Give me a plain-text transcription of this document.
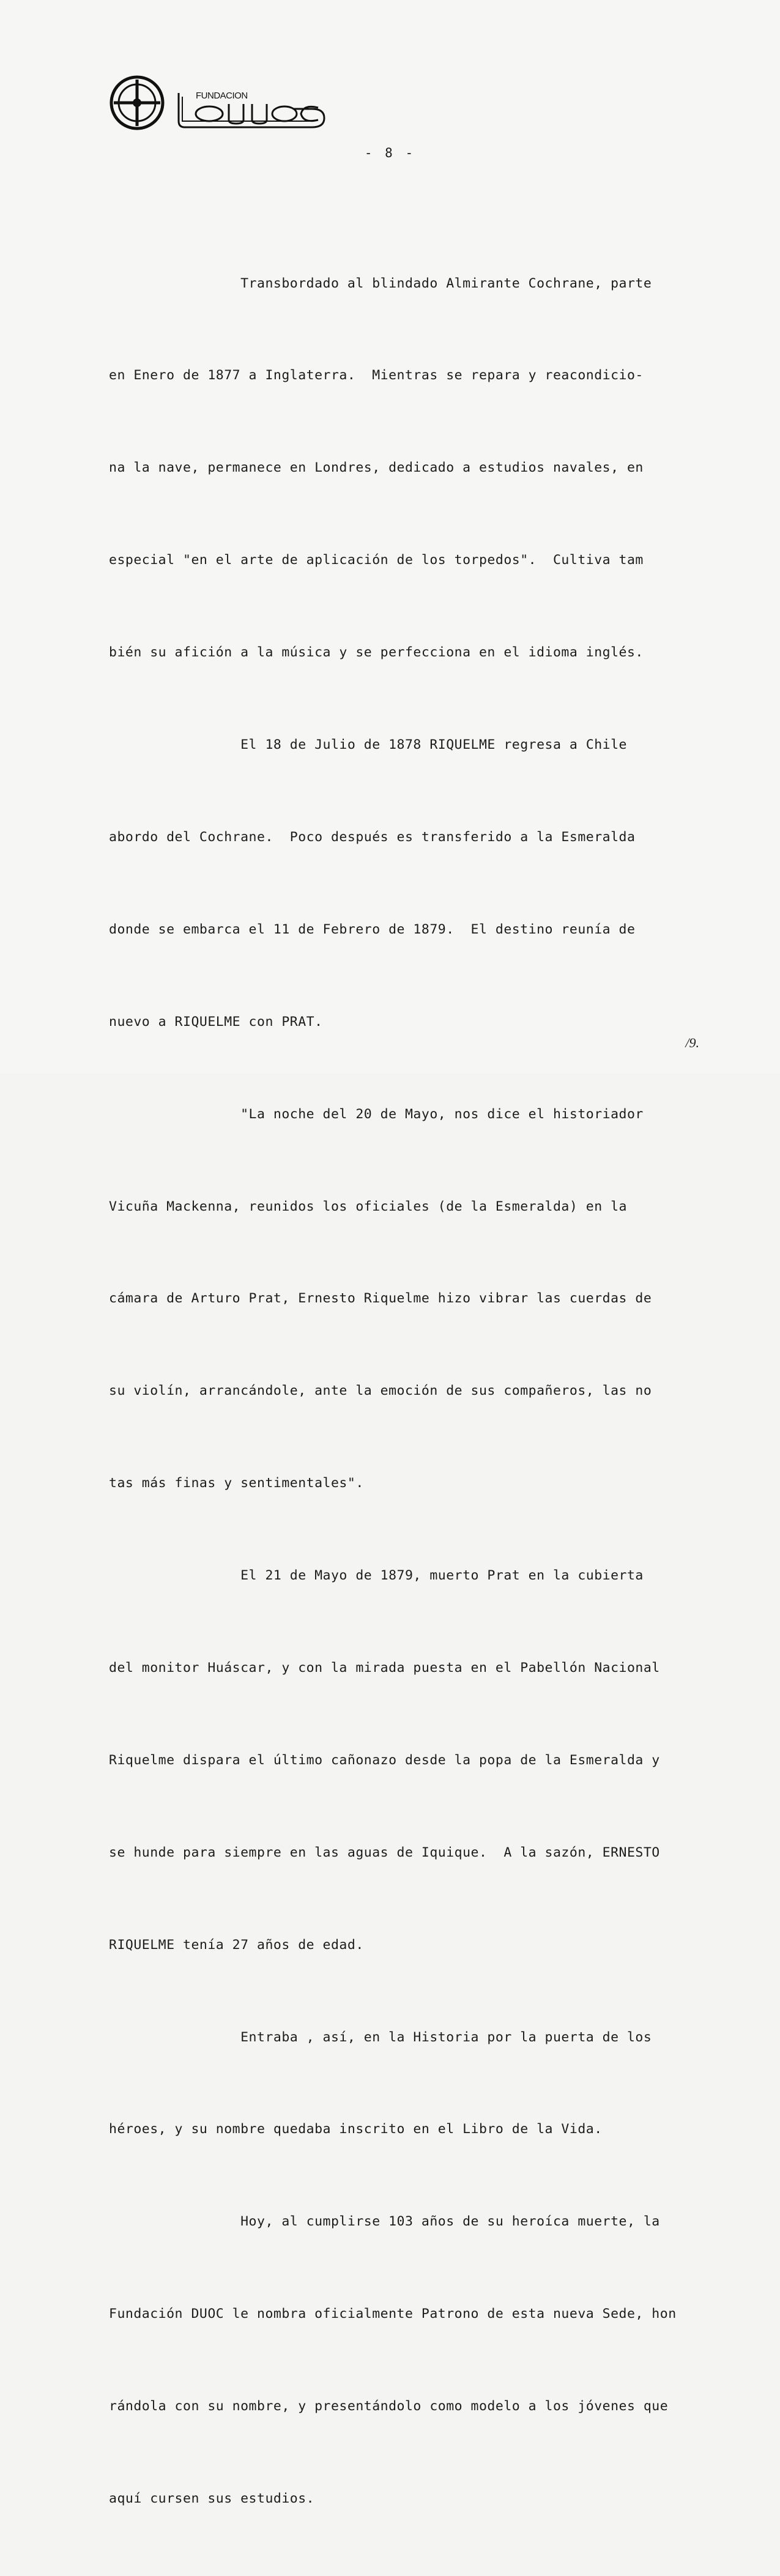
FUNDACION
- 8 -

Transbordado al blindado Almirante Cochrane, parte

en Enero de 1877 a Inglaterra.  Mientras se repara y reacondicio-

na la nave, permanece en Londres, dedicado a estudios navales, en

especial "en el arte de aplicación de los torpedos".  Cultiva tam

bién su afición a la música y se perfecciona en el idioma inglés.

El 18 de Julio de 1878 RIQUELME regresa a Chile

abordo del Cochrane.  Poco después es transferido a la Esmeralda

donde se embarca el 11 de Febrero de 1879.  El destino reunía de

nuevo a RIQUELME con PRAT.

"La noche del 20 de Mayo, nos dice el historiador

Vicuña Mackenna, reunidos los oficiales (de la Esmeralda) en la

cámara de Arturo Prat, Ernesto Riquelme hizo vibrar las cuerdas de

su violín, arrancándole, ante la emoción de sus compañeros, las no

tas más finas y sentimentales".

El 21 de Mayo de 1879, muerto Prat en la cubierta

del monitor Huáscar, y con la mirada puesta en el Pabellón Nacional

Riquelme dispara el último cañonazo desde la popa de la Esmeralda y

se hunde para siempre en las aguas de Iquique.  A la sazón, ERNESTO

RIQUELME tenía 27 años de edad.

Entraba , así, en la Historia por la puerta de los

héroes, y su nombre quedaba inscrito en el Libro de la Vida.

Hoy, al cumplirse 103 años de su heroíca muerte, la

Fundación DUOC le nombra oficialmente Patrono de esta nueva Sede, hon

rándola con su nombre, y presentándolo como modelo a los jóvenes que

aquí cursen sus estudios.

/9.
